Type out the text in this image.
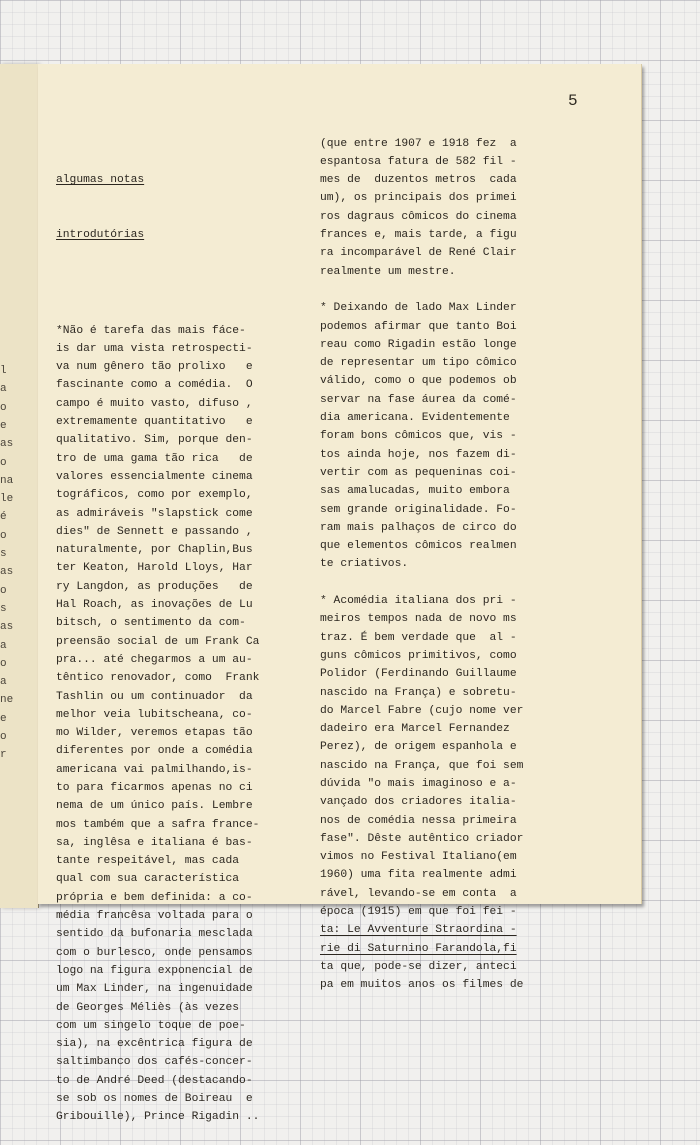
l
a
o
e
as
o
na
le
é
o
s
as
o
s
as
a
o
a
ne
e
o
r
5

algumas notas

introdutórias

*Não é tarefa das mais fáce-
is dar uma vista retrospecti-
va num gênero tão prolixo   e
fascinante como a comédia.  O
campo é muito vasto, difuso ,
extremamente quantitativo   e
qualitativo. Sim, porque den-
tro de uma gama tão rica   de
valores essencialmente cinema
tográficos, como por exemplo,
as admiráveis "slapstick come
dies" de Sennett e passando ,
naturalmente, por Chaplin,Bus
ter Keaton, Harold Lloys, Har
ry Langdon, as produções   de
Hal Roach, as inovações de Lu
bitsch, o sentimento da com-
preensão social de um Frank Ca
pra... até chegarmos a um au-
têntico renovador, como  Frank
Tashlin ou um continuador  da
melhor veia lubitscheana, co-
mo Wilder, veremos etapas tão
diferentes por onde a comédia
americana vai palmilhando,is-
to para ficarmos apenas no ci
nema de um único país. Lembre
mos também que a safra france-
sa, inglêsa e italiana é bas-
tante respeitável, mas cada
qual com sua característica
própria e bem definida: a co-
média francêsa voltada para o
sentido da bufonaria mesclada
com o burlesco, onde pensamos
logo na figura exponencial de
um Max Linder, na ingenuidade
de Georges Méliès (às vezes
com um singelo toque de poe-
sia), na excêntrica figura de
saltimbanco dos cafés-concer-
to de André Deed (destacando-
se sob os nomes de Boireau  e
Gribouille), Prince Rigadin ..

(que entre 1907 e 1918 fez  a
espantosa fatura de 582 fil -
mes de  duzentos metros  cada
um), os principais dos primei
ros dagraus cômicos do cinema
frances e, mais tarde, a figu
ra incomparável de René Clair
realmente um mestre.
* Deixando de lado Max Linder
podemos afirmar que tanto Boi
reau como Rigadin estão longe
de representar um tipo cômico
válido, como o que podemos ob
servar na fase áurea da comé-
dia americana. Evidentemente
foram bons cômicos que, vis -
tos ainda hoje, nos fazem di-
vertir com as pequeninas coi-
sas amalucadas, muito embora
sem grande originalidade. Fo-
ram mais palhaços de circo do
que elementos cômicos realmen
te criativos.
* Acomédia italiana dos pri -
meiros tempos nada de novo ms
traz. É bem verdade que  al -
guns cômicos primitivos, como
Polidor (Ferdinando Guillaume
nascido na França) e sobretu-
do Marcel Fabre (cujo nome ver
dadeiro era Marcel Fernandez
Perez), de origem espanhola e
nascido na França, que foi sem
dúvida "o mais imaginoso e a-
vançado dos criadores italia-
nos de comédia nessa primeira
fase". Dêste autêntico criador
vimos no Festival Italiano(em
1960) uma fita realmente admi
rável, levando-se em conta  a
época (1915) em que foi fei -
ta: Le Avventure Straordina -
rie di Saturnino Farandola,fi
ta que, pode-se dizer, anteci
pa em muitos anos os filmes de
